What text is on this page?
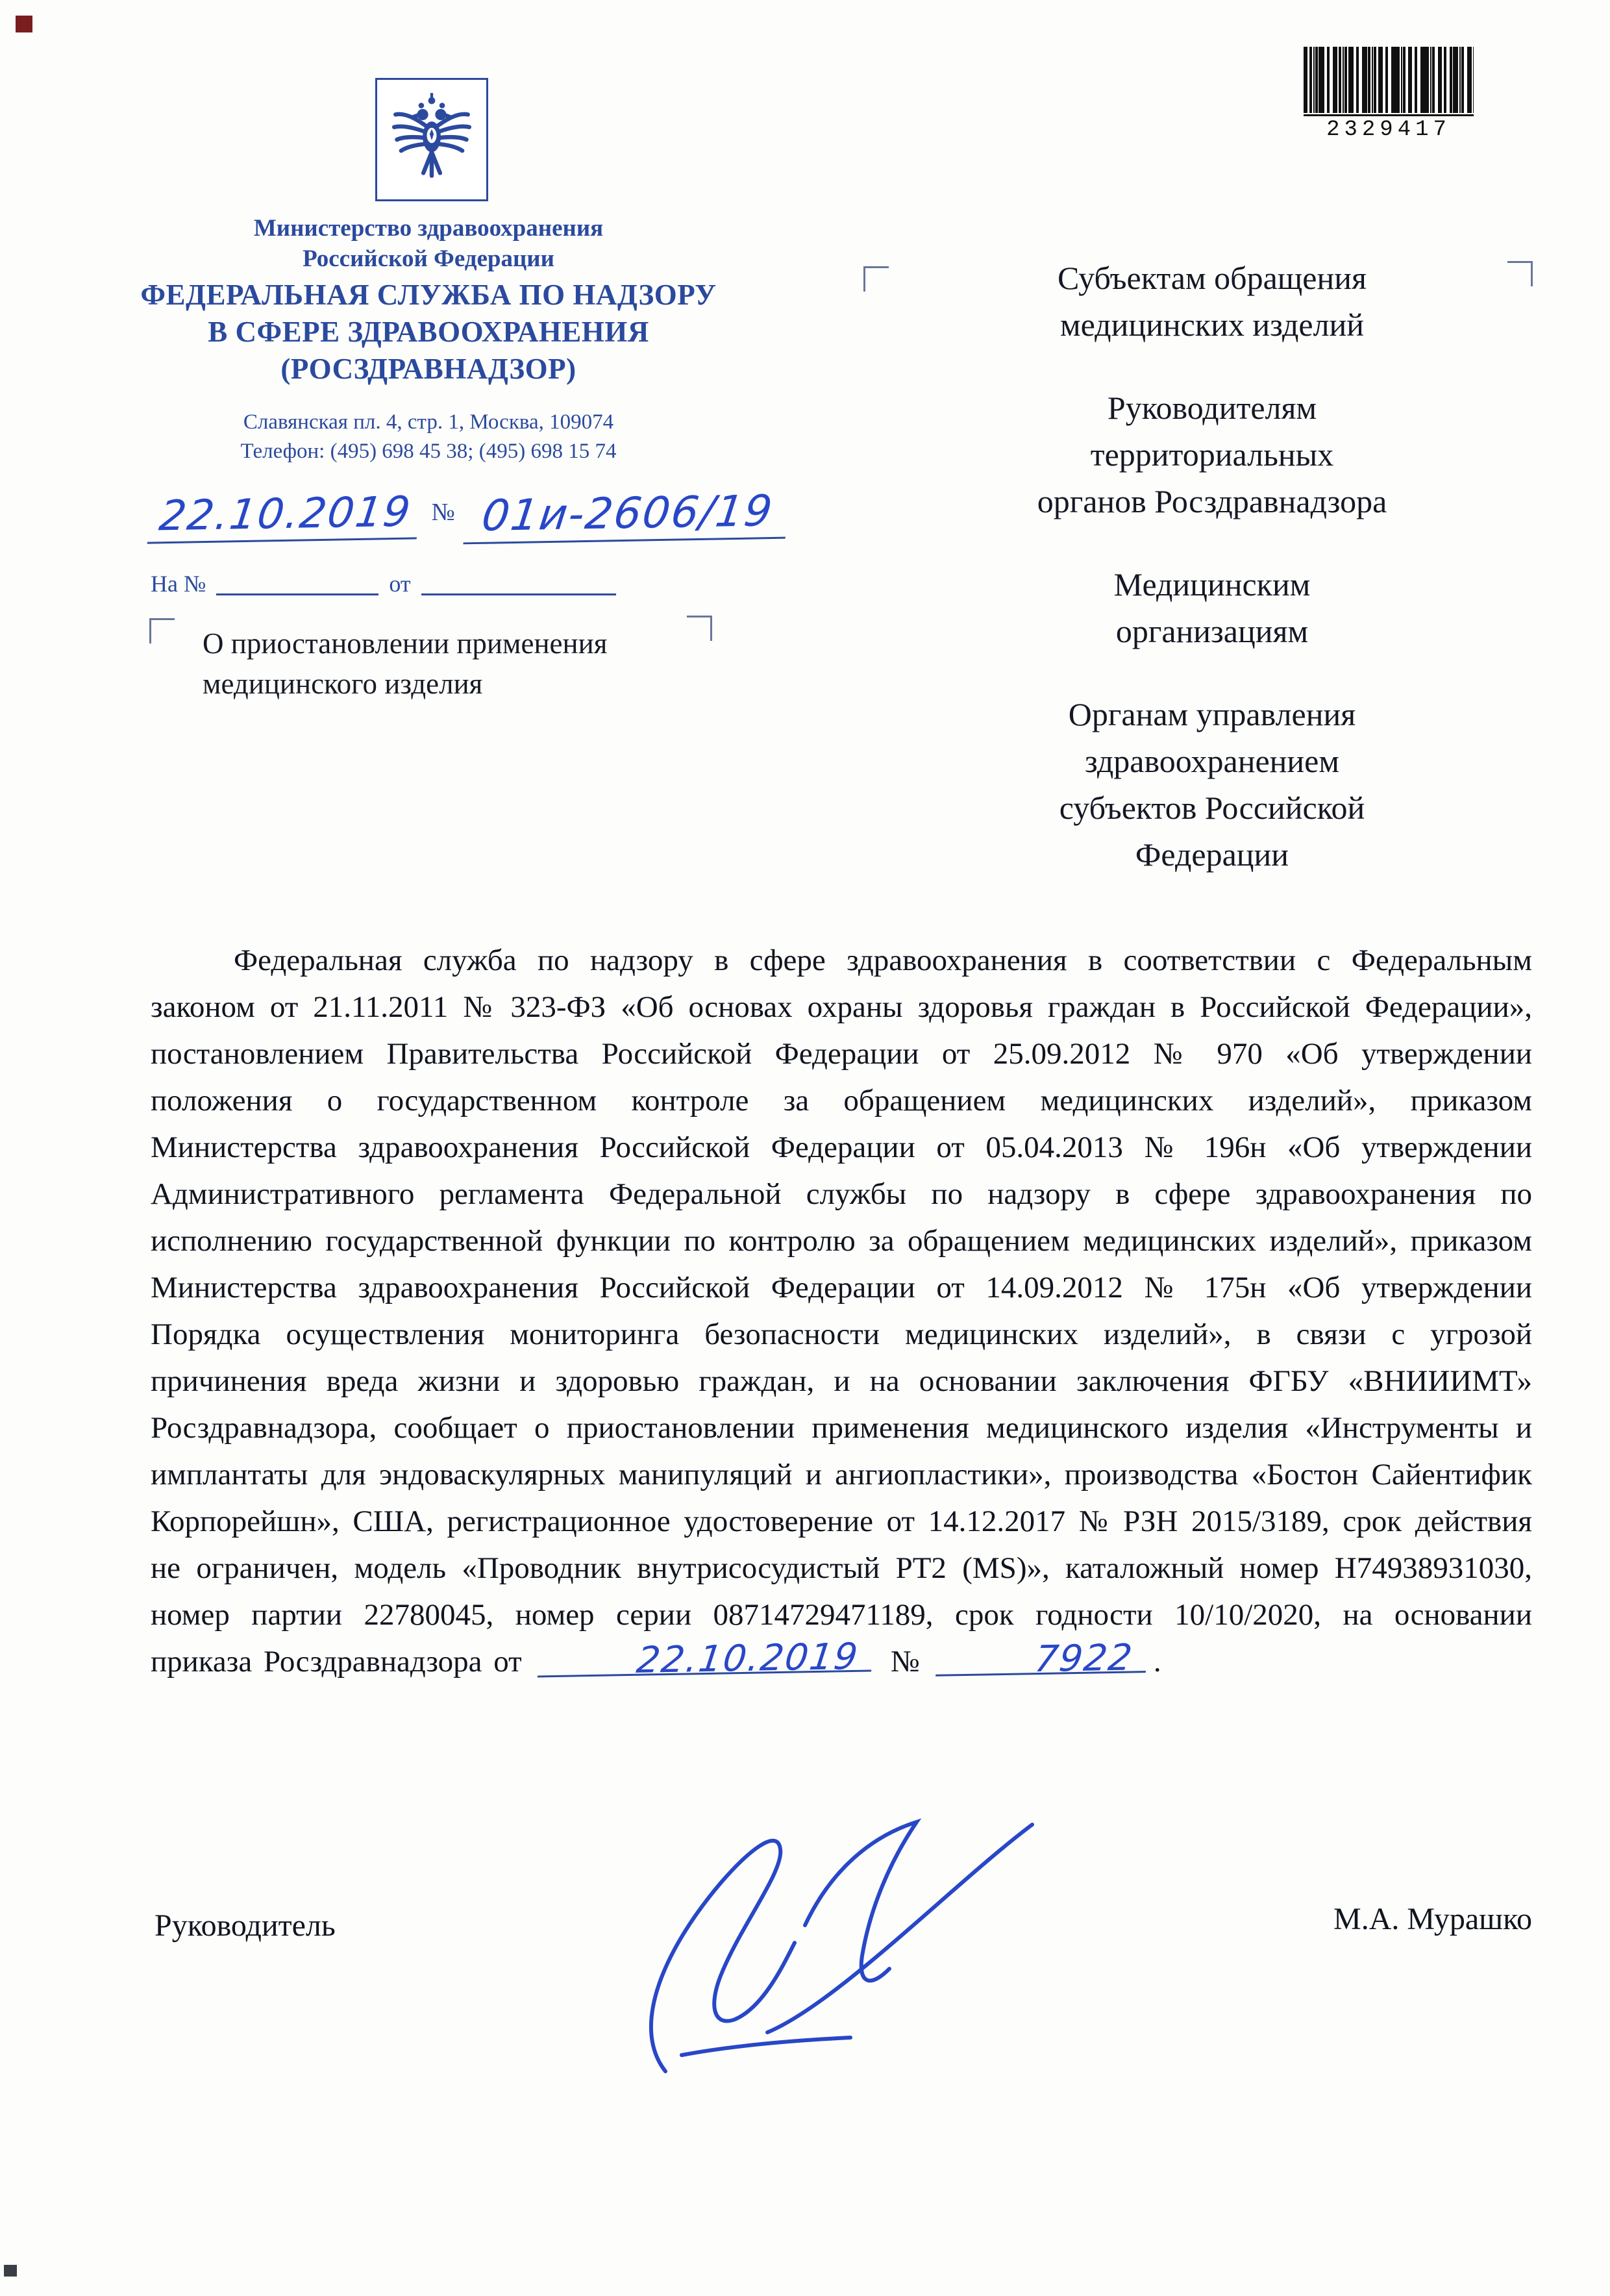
2329417
Министерство здравоохранения
Российской Федерации
ФЕДЕРАЛЬНАЯ СЛУЖБА ПО НАДЗОРУ
В СФЕРЕ ЗДРАВООХРАНЕНИЯ
(РОСЗДРАВНАДЗОР)
Славянская пл. 4, стр. 1, Москва, 109074
Телефон: (495) 698 45 38; (495) 698 15 74
22.10.2019 № 01и-2606/19
На №	от
О приостановлении применения
медицинского изделия
Субъектам обращения
медицинских изделий
Руководителям
территориальных
органов Росздравнадзора
Медицинским
организациям
Органам управления
здравоохранением
субъектов Российской
Федерации

Федеральная служба по надзору в сфере здравоохранения в соответствии с Федеральным законом от 21.11.2011 № 323-ФЗ «Об основах охраны здоровья граждан в Российской Федерации», постановлением Правительства Российской Федерации от 25.09.2012 № 970 «Об утверждении положения о государственном контроле за обращением медицинских изделий», приказом Министерства здравоохранения Российской Федерации от 05.04.2013 № 196н «Об утверждении Административного регламента Федеральной службы по надзору в сфере здравоохранения по исполнению государственной функции по контролю за обращением медицинских изделий», приказом Министерства здравоохранения Российской Федерации от 14.09.2012 № 175н «Об утверждении Порядка осуществления мониторинга безопасности медицинских изделий», в связи с угрозой причинения вреда жизни и здоровью граждан, и на основании заключения ФГБУ «ВНИИИМТ» Росздравнадзора, сообщает о приостановлении применения медицинского изделия «Инструменты и имплантаты для эндоваскулярных манипуляций и ангиопластики», производства «Бостон Сайентифик Корпорейшн», США, регистрационное удостоверение от 14.12.2017 № РЗН 2015/3189, срок действия не ограничен, модель «Проводник внутрисосудистый PT2 (MS)», каталожный номер H74938931030, номер партии 22780045, номер серии 08714729471189, срок годности 10/10/2020, на основании приказа Росздравнадзора от	22.10.2019 №	7922 .

Руководитель	М.А. Мурашко
